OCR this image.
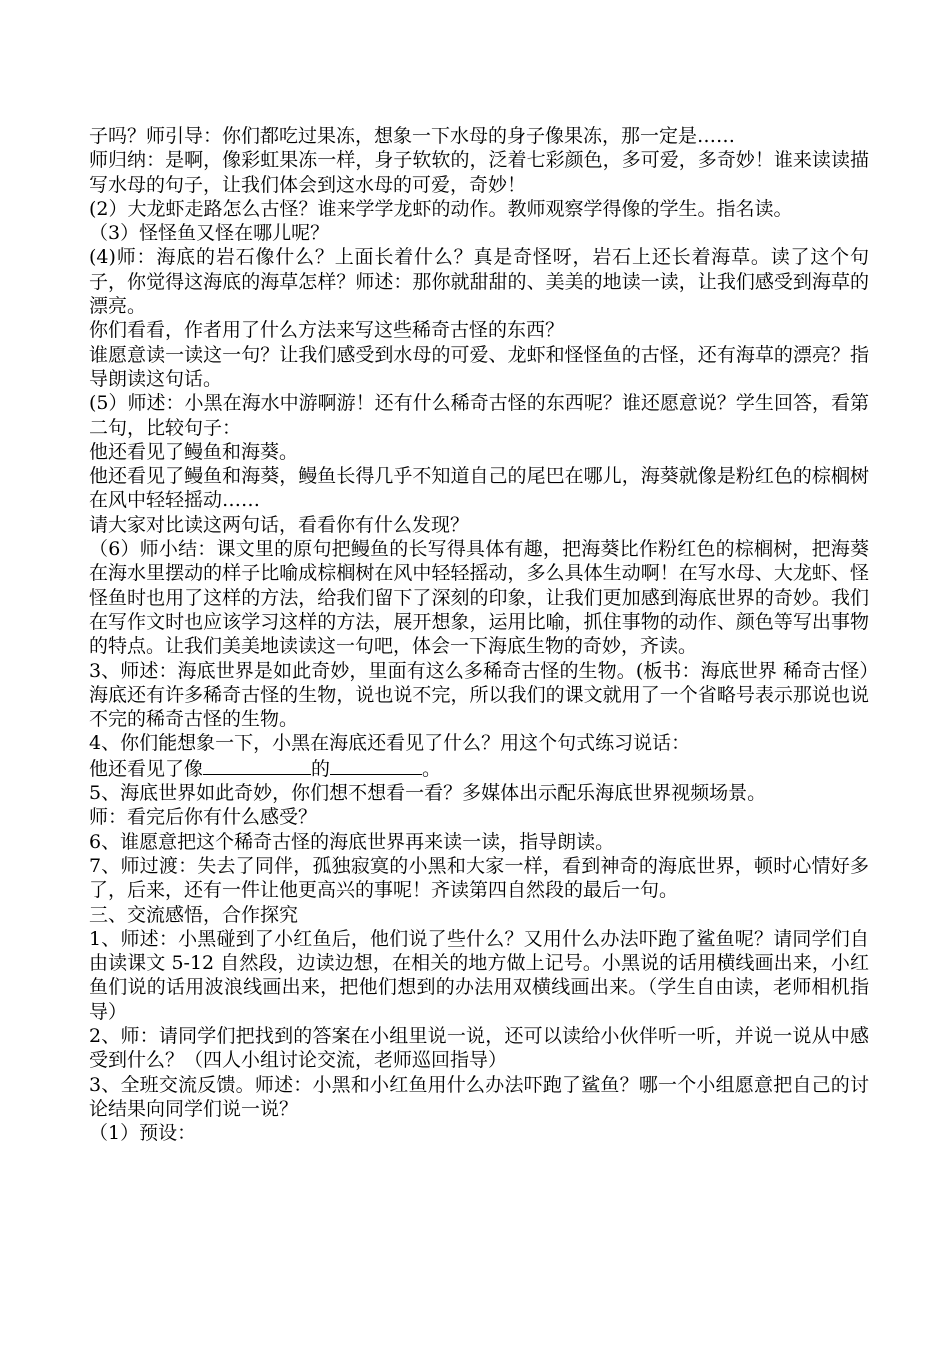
子吗？师引导：你们都吃过果冻，想象一下水母的身子像果冻，那一定是……

师归纳：是啊，像彩虹果冻一样，身子软软的，泛着七彩颜色，多可爱，多奇妙！谁来读读描写水母的句子，让我们体会到这水母的可爱，奇妙！

(2）大龙虾走路怎么古怪？谁来学学龙虾的动作。教师观察学得像的学生。指名读。

（3）怪怪鱼又怪在哪儿呢？

(4)师：海底的岩石像什么？上面长着什么？真是奇怪呀，岩石上还长着海草。读了这个句子，你觉得这海底的海草怎样？师述：那你就甜甜的、美美的地读一读，让我们感受到海草的漂亮。

你们看看，作者用了什么方法来写这些稀奇古怪的东西？

谁愿意读一读这一句？让我们感受到水母的可爱、龙虾和怪怪鱼的古怪，还有海草的漂亮？指导朗读这句话。

(5）师述：小黑在海水中游啊游！还有什么稀奇古怪的东西呢？谁还愿意说？学生回答，看第二句，比较句子：

他还看见了鳗鱼和海葵。

他还看见了鳗鱼和海葵，鳗鱼长得几乎不知道自己的尾巴在哪儿，海葵就像是粉红色的棕榈树在风中轻轻摇动……

请大家对比读这两句话，看看你有什么发现？

（6）师小结：课文里的原句把鳗鱼的长写得具体有趣，把海葵比作粉红色的棕榈树，把海葵在海水里摆动的样子比喻成棕榈树在风中轻轻摇动，多么具体生动啊！在写水母、大龙虾、怪怪鱼时也用了这样的方法，给我们留下了深刻的印象，让我们更加感到海底世界的奇妙。我们在写作文时也应该学习这样的方法，展开想象，运用比喻，抓住事物的动作、颜色等写出事物的特点。让我们美美地读读这一句吧，体会一下海底生物的奇妙，齐读。

3、师述：海底世界是如此奇妙，里面有这么多稀奇古怪的生物。(板书：海底世界 稀奇古怪）海底还有许多稀奇古怪的生物，说也说不完，所以我们的课文就用了一个省略号表示那说也说不完的稀奇古怪的生物。

4、你们能想象一下，小黑在海底还看见了什么？用这个句式练习说话：

他还看见了像	的	。

5、海底世界如此奇妙，你们想不想看一看？多媒体出示配乐海底世界视频场景。

师：看完后你有什么感受？

6、谁愿意把这个稀奇古怪的海底世界再来读一读，指导朗读。

7、师过渡：失去了同伴，孤独寂寞的小黑和大家一样，看到神奇的海底世界，顿时心情好多了，后来，还有一件让他更高兴的事呢！齐读第四自然段的最后一句。

三、交流感悟，合作探究

1、师述：小黑碰到了小红鱼后，他们说了些什么？又用什么办法吓跑了鲨鱼呢？请同学们自由读课文 5-12 自然段，边读边想，在相关的地方做上记号。小黑说的话用横线画出来，小红鱼们说的话用波浪线画出来，把他们想到的办法用双横线画出来。（学生自由读，老师相机指导）

2、师：请同学们把找到的答案在小组里说一说，还可以读给小伙伴听一听，并说一说从中感受到什么？（四人小组讨论交流，老师巡回指导）

3、全班交流反馈。师述：小黑和小红鱼用什么办法吓跑了鲨鱼？哪一个小组愿意把自己的讨论结果向同学们说一说？

（1）预设：
